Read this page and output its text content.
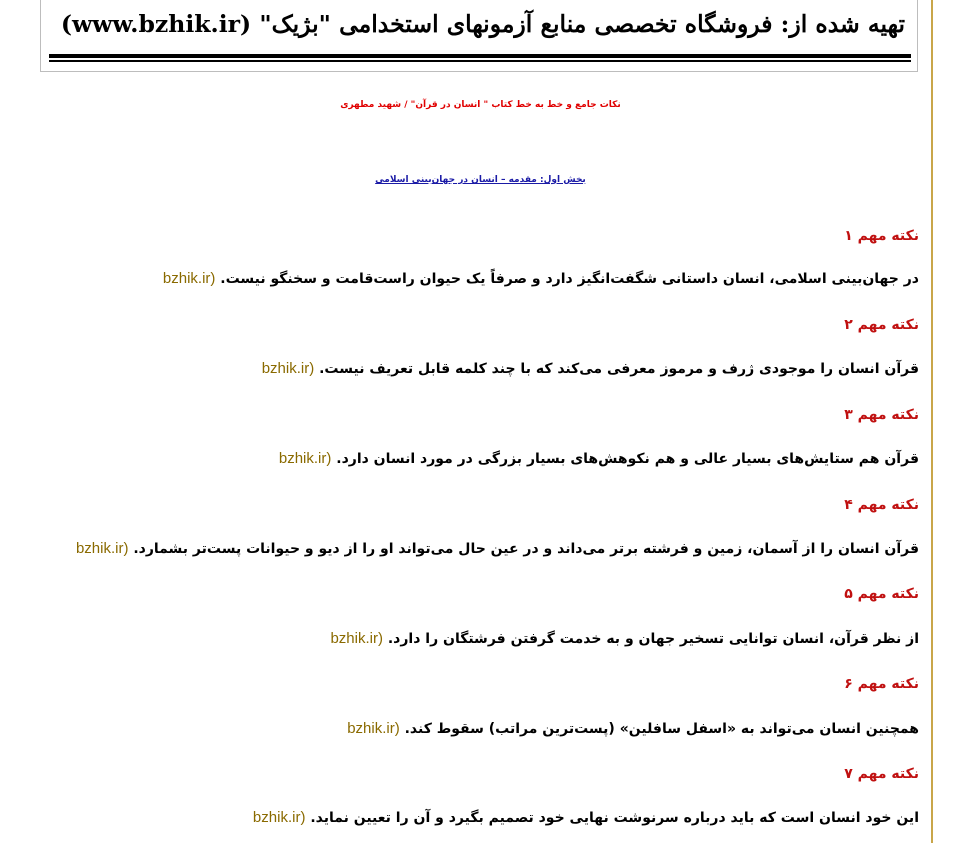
تهیه شده از: فروشگاه تخصصی منابع آزمونهای استخدامی "بژیک" (www.bzhik.ir)
نکات جامع و خط به خط کتاب " انسان در قرآن" / شهید مطهری
بخش اول: مقدمه – انسان در جهان‌بینی اسلامی
نکته مهم ۱
در جهان‌بینی اسلامی، انسان داستانی شگفت‌انگیز دارد و صرفاً یک حیوان راست‌قامت و سخنگو نیست. (bzhik.ir
نکته مهم ۲
قرآن انسان را موجودی ژرف و مرموز معرفی می‌کند که با چند کلمه قابل تعریف نیست. (bzhik.ir
نکته مهم ۳
قرآن هم ستایش‌های بسیار عالی و هم نکوهش‌های بسیار بزرگی در مورد انسان دارد. (bzhik.ir
نکته مهم ۴
قرآن انسان را از آسمان، زمین و فرشته برتر می‌داند و در عین حال می‌تواند او را از دیو و حیوانات پست‌تر بشمارد. (bzhik.ir
نکته مهم ۵
از نظر قرآن، انسان توانایی تسخیر جهان و به خدمت گرفتن فرشتگان را دارد. (bzhik.ir
نکته مهم ۶
همچنین انسان می‌تواند به «اسفل سافلین» (پست‌ترین مراتب) سقوط کند. (bzhik.ir
نکته مهم ۷
این خود انسان است که باید درباره سرنوشت نهایی خود تصمیم بگیرد و آن را تعیین نماید. (bzhik.ir
